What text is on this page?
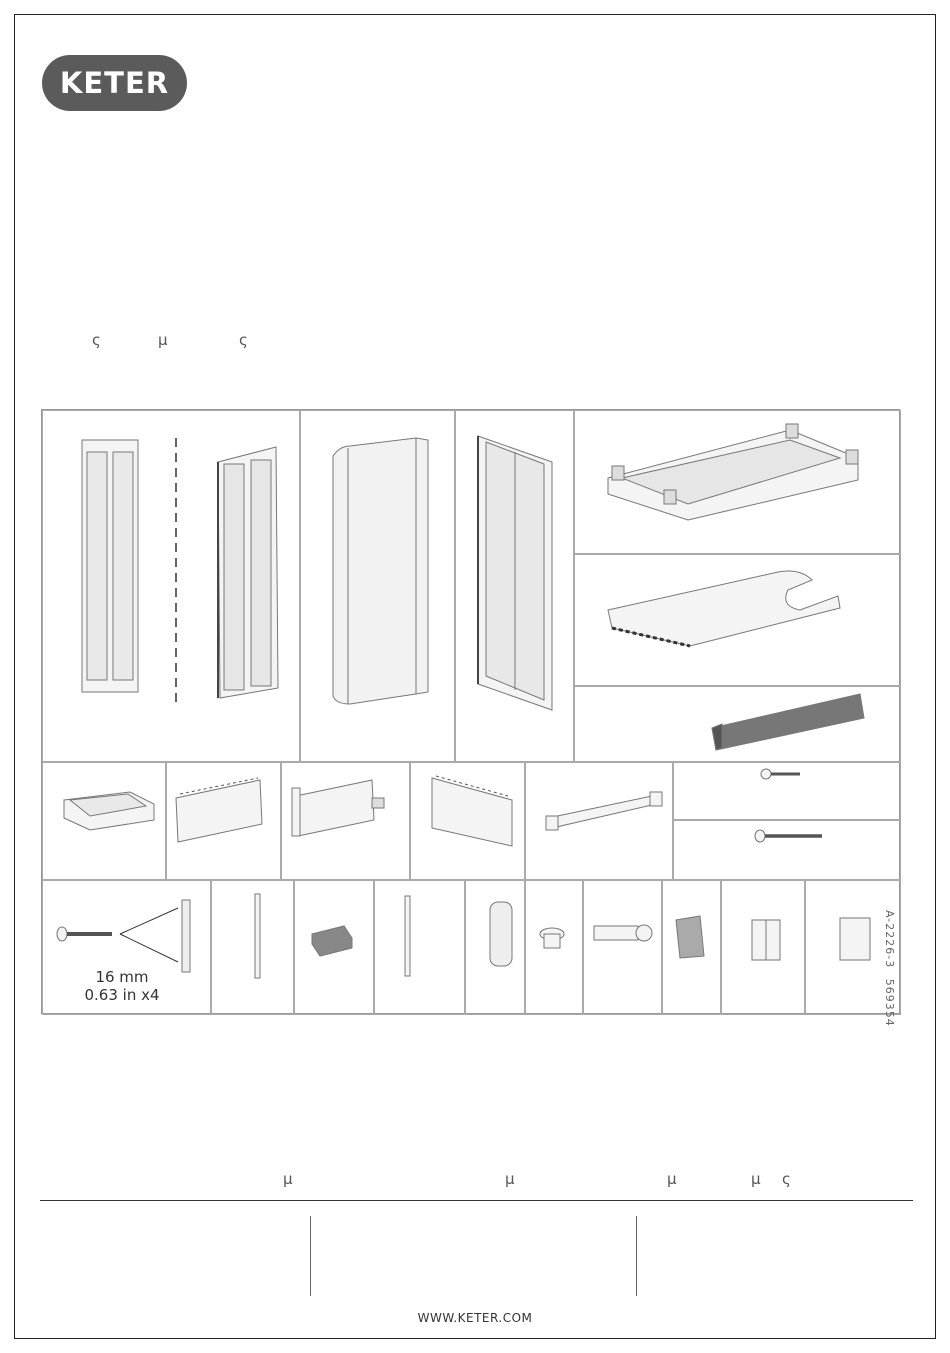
KETER
ς	µ	ς
16 mm
0.63 in x4
A-2226-3 569354
µ	µ	µ	µ ς
WWW.KETER.COM
